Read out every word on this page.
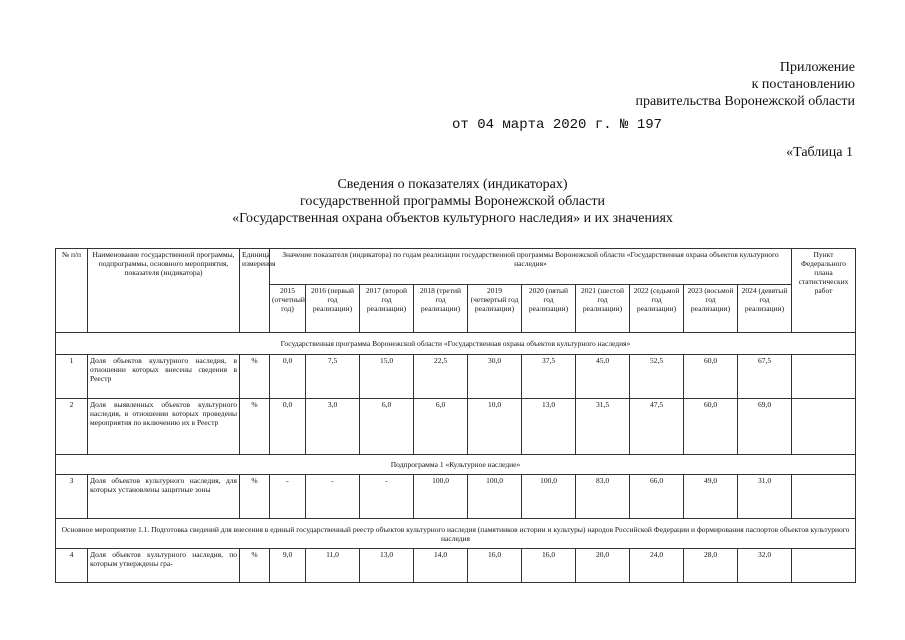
Приложение
к постановлению
правительства Воронежской области
от 04 марта 2020 г. № 197
«Таблица 1
Сведения о показателях (индикаторах)
государственной программы Воронежской области
«Государственная охрана объектов культурного наследия» и их значениях
№ п/п	Наименование государственной программы, подпрограммы, основного мероприятия, показателя (индикатора)	Единица измерения	Значение показателя (индикатора) по годам реализации государственной программы Воронежской области «Государственная охрана объектов культурного наследия»										Пункт Федерального плана статистических работ
			2015 (отчетный год)	2016 (первый год реализации)	2017 (второй год реализации)	2018 (третий год реализации)	2019 (четвертый год реализации)	2020 (пятый год реализации)	2021 (шестой год реализации)	2022 (седьмой год реализации)	2023 (восьмой год реализации)	2024 (девятый год реализации)	
Государственная программа Воронежской области «Государственная охрана объектов культурного наследия»													
1	Доля объектов культурного наследия, в отношении которых внесены сведения в Реестр	%	0,0	7,5	15,0	22,5	30,0	37,5	45,0	52,5	60,0	67,5	
2	Доля выявленных объектов культурного наследия, в отношении которых проведены мероприятия по включению их в Реестр	%	0,0	3,0	6,0	6,0	10,0	13,0	31,5	47,5	60,0	69,0	
Подпрограмма 1 «Культурное наследие»													
3	Доля объектов культурного наследия, для которых установлены защитные зоны	%	-	-	-	100,0	100,0	100,0	83,0	66,0	49,0	31,0	
Основное мероприятие 1.1. Подготовка сведений для внесения в единый государственный реестр объектов культурного наследия (памятников истории и культуры) народов Российской Федерации и формирования паспортов объектов культурного наследия													
4	Доля объектов культурного наследия, по которым утверждены гра-	%	9,0	11,0	13,0	14,0	16,0	16,0	20,0	24,0	28,0	32,0	
